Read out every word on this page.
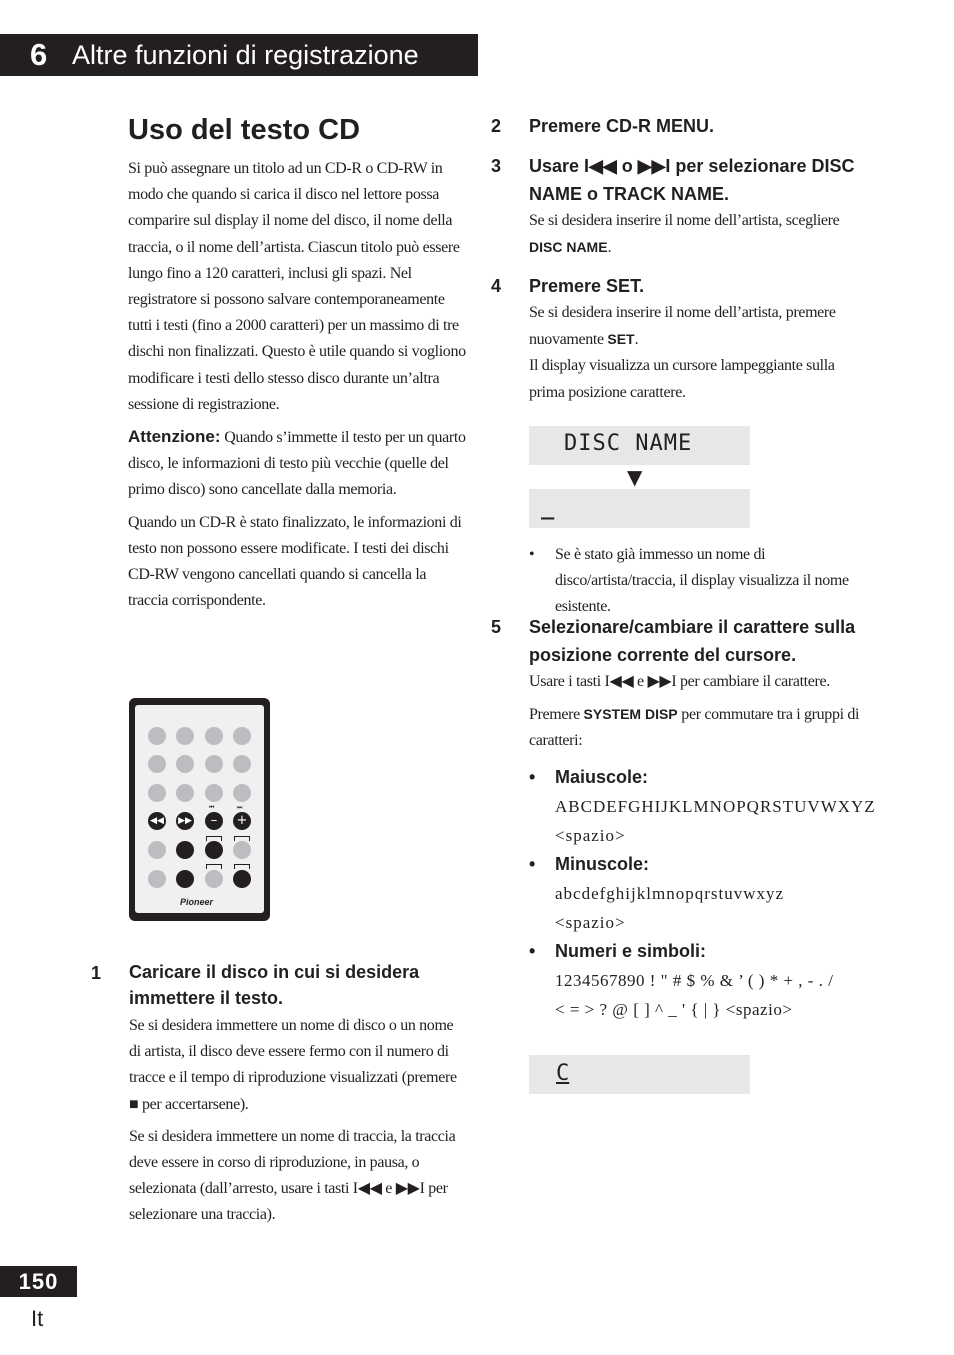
6 Altre funzioni di registrazione
Uso del testo CD

Si può assegnare un titolo ad un CD-R o CD-RW in modo che quando si carica il disco nel lettore possa comparire sul display il nome del disco, il nome della traccia, o il nome dell’artista. Ciascun titolo può essere lungo fino a 120 caratteri, inclusi gli spazi. Nel registratore si possono salvare contemporaneamente tutti i testi (fino a 2000 caratteri) per un massimo di tre dischi non finalizzati. Questo è utile quando si vogliono modificare i testi dello stesso disco durante un’altra sessione di registrazione.

Attenzione: Quando s’immette il testo per un quarto disco, le informazioni di testo più vecchie (quelle del primo disco) sono cancellate dalla memoria.

Quando un CD-R è stato finalizzato, le informazioni di testo non possono essere modificate. I testi dei dischi CD-RW vengono cancellati quando si cancella la traccia corrispondente.

⏮	⏭
◀◀ ▶▶	–	+
Pioneer
1 Caricare il disco in cui si desidera immettere il testo.

Se si desidera immettere un nome di disco o un nome di artista, il disco deve essere fermo con il numero di tracce e il tempo di riproduzione visualizzati (premere ■ per accertarsene).

Se si desidera immettere un nome di traccia, la traccia deve essere in corso di riproduzione, in pausa, o selezionata (dall’arresto, usare i tasti I◀◀ e ▶▶I per selezionare una traccia).

2 Premere CD-R MENU.

3 Usare I◀◀ o ▶▶I per selezionare DISC NAME o TRACK NAME.

Se si desidera inserire il nome dell’artista, scegliere DISC NAME.

4 Premere SET.

Se si desidera inserire il nome dell’artista, premere nuovamente SET.

Il display visualizza un cursore lampeggiante sulla prima posizione carattere.

DISC NAME
▼
_
• Se è stato già immesso un nome di disco/artista/traccia, il display visualizza il nome esistente.
5 Selezionare/cambiare il carattere sulla posizione corrente del cursore.

Usare i tasti I◀◀ e ▶▶I per cambiare il carattere.

Premere SYSTEM DISP per commutare tra i gruppi di caratteri:

• Maiuscole:

ABCDEFGHIJKLMNOPQRSTUVWXYZ

<spazio>

• Minuscole:

abcdefghijklmnopqrstuvwxyz

<spazio>

• Numeri e simboli:

1234567890 ! " # $ % & ’ ( ) * + , - . /

< = > ? @ [ ] ^ _ ' { | } <spazio>

C
150
It
